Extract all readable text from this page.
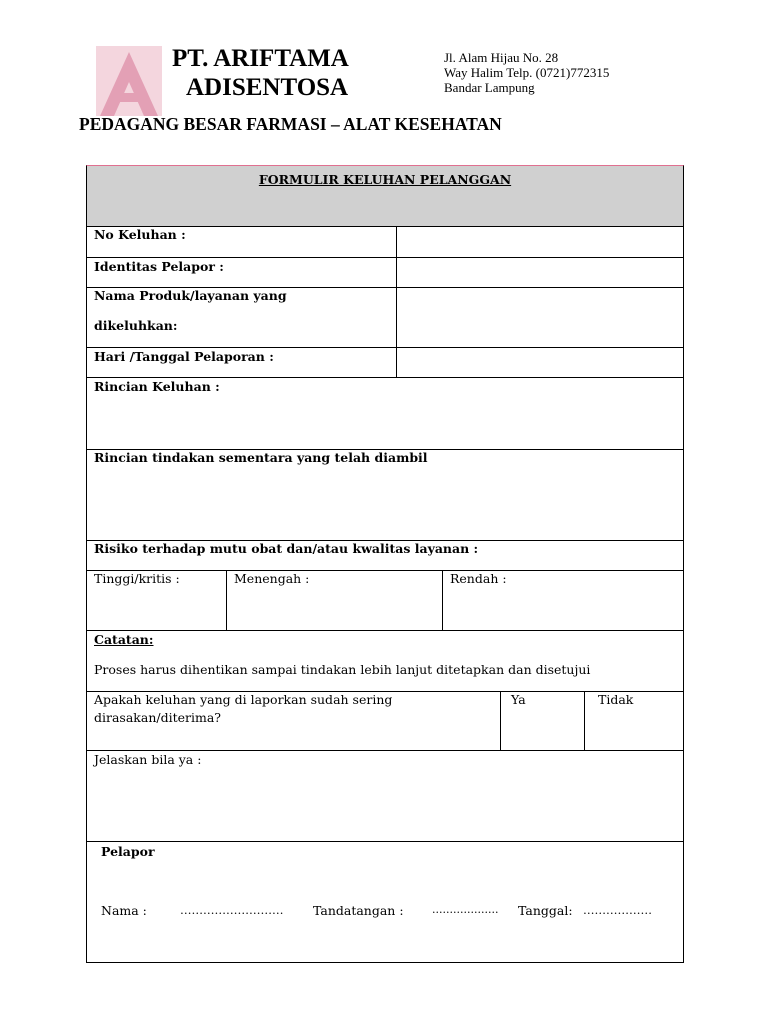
PT. ARIFTAMA
ADISENTOSA
Jl. Alam Hijau No. 28
Way Halim Telp. (0721)772315
Bandar Lampung
PEDAGANG BESAR FARMASI – ALAT KESEHATAN
FORMULIR KELUHAN PELANGGAN
No Keluhan :
Identitas Pelapor :
Nama Produk/layanan yang
dikeluhkan:
Hari /Tanggal Pelaporan :
Rincian Keluhan :
Rincian tindakan sementara yang telah diambil
Risiko terhadap mutu obat dan/atau kwalitas layanan :
Tinggi/kritis :	Menengah :	Rendah :
Catatan:
Proses harus dihentikan sampai tindakan lebih lanjut ditetapkan dan disetujui
Apakah keluhan yang di laporkan sudah sering
dirasakan/diterima?
Ya	Tidak
Jelaskan bila ya :
Pelapor
Nama :	……………………… Tandatangan :	................... Tanggal: ………………
